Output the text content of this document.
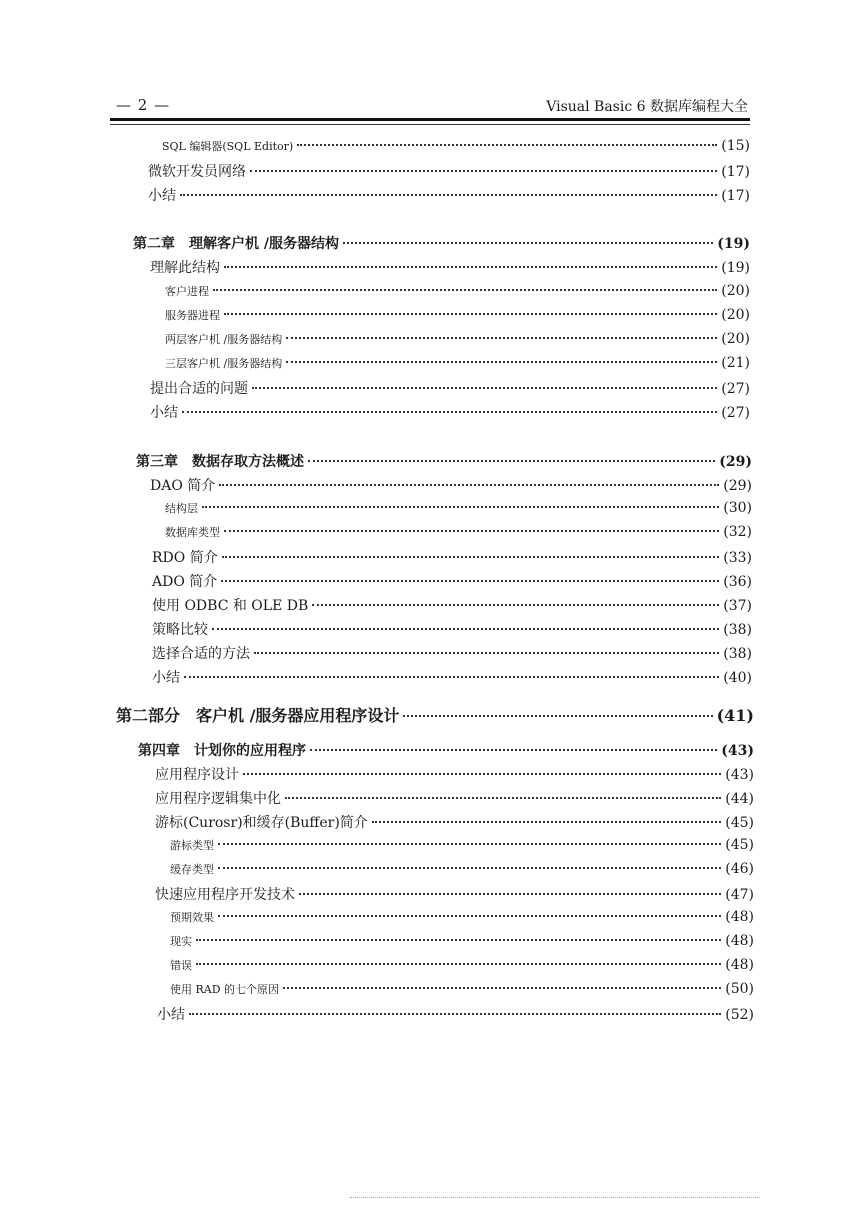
— 2 —	Visual Basic 6 数据库编程大全
SQL 编辑器(SQL Editor)	(15)
微软开发员网络	(17)
小结	(17)
第二章　理解客户机 /服务器结构	(19)
理解此结构	(19)
客户进程	(20)
服务器进程	(20)
两层客户机 /服务器结构	(20)
三层客户机 /服务器结构	(21)
提出合适的问题	(27)
小结	(27)
第三章　数据存取方法概述	(29)
DAO 简介	(29)
结构层	(30)
数据库类型	(32)
RDO 简介	(33)
ADO 简介	(36)
使用 ODBC 和 OLE DB	(37)
策略比较	(38)
选择合适的方法	(38)
小结	(40)
第二部分　客户机 /服务器应用程序设计	(41)
第四章　计划你的应用程序	(43)
应用程序设计	(43)
应用程序逻辑集中化	(44)
游标(Curosr)和缓存(Buffer)简介	(45)
游标类型	(45)
缓存类型	(46)
快速应用程序开发技术	(47)
预期效果	(48)
现实	(48)
错误	(48)
使用 RAD 的七个原因	(50)
小结	(52)
